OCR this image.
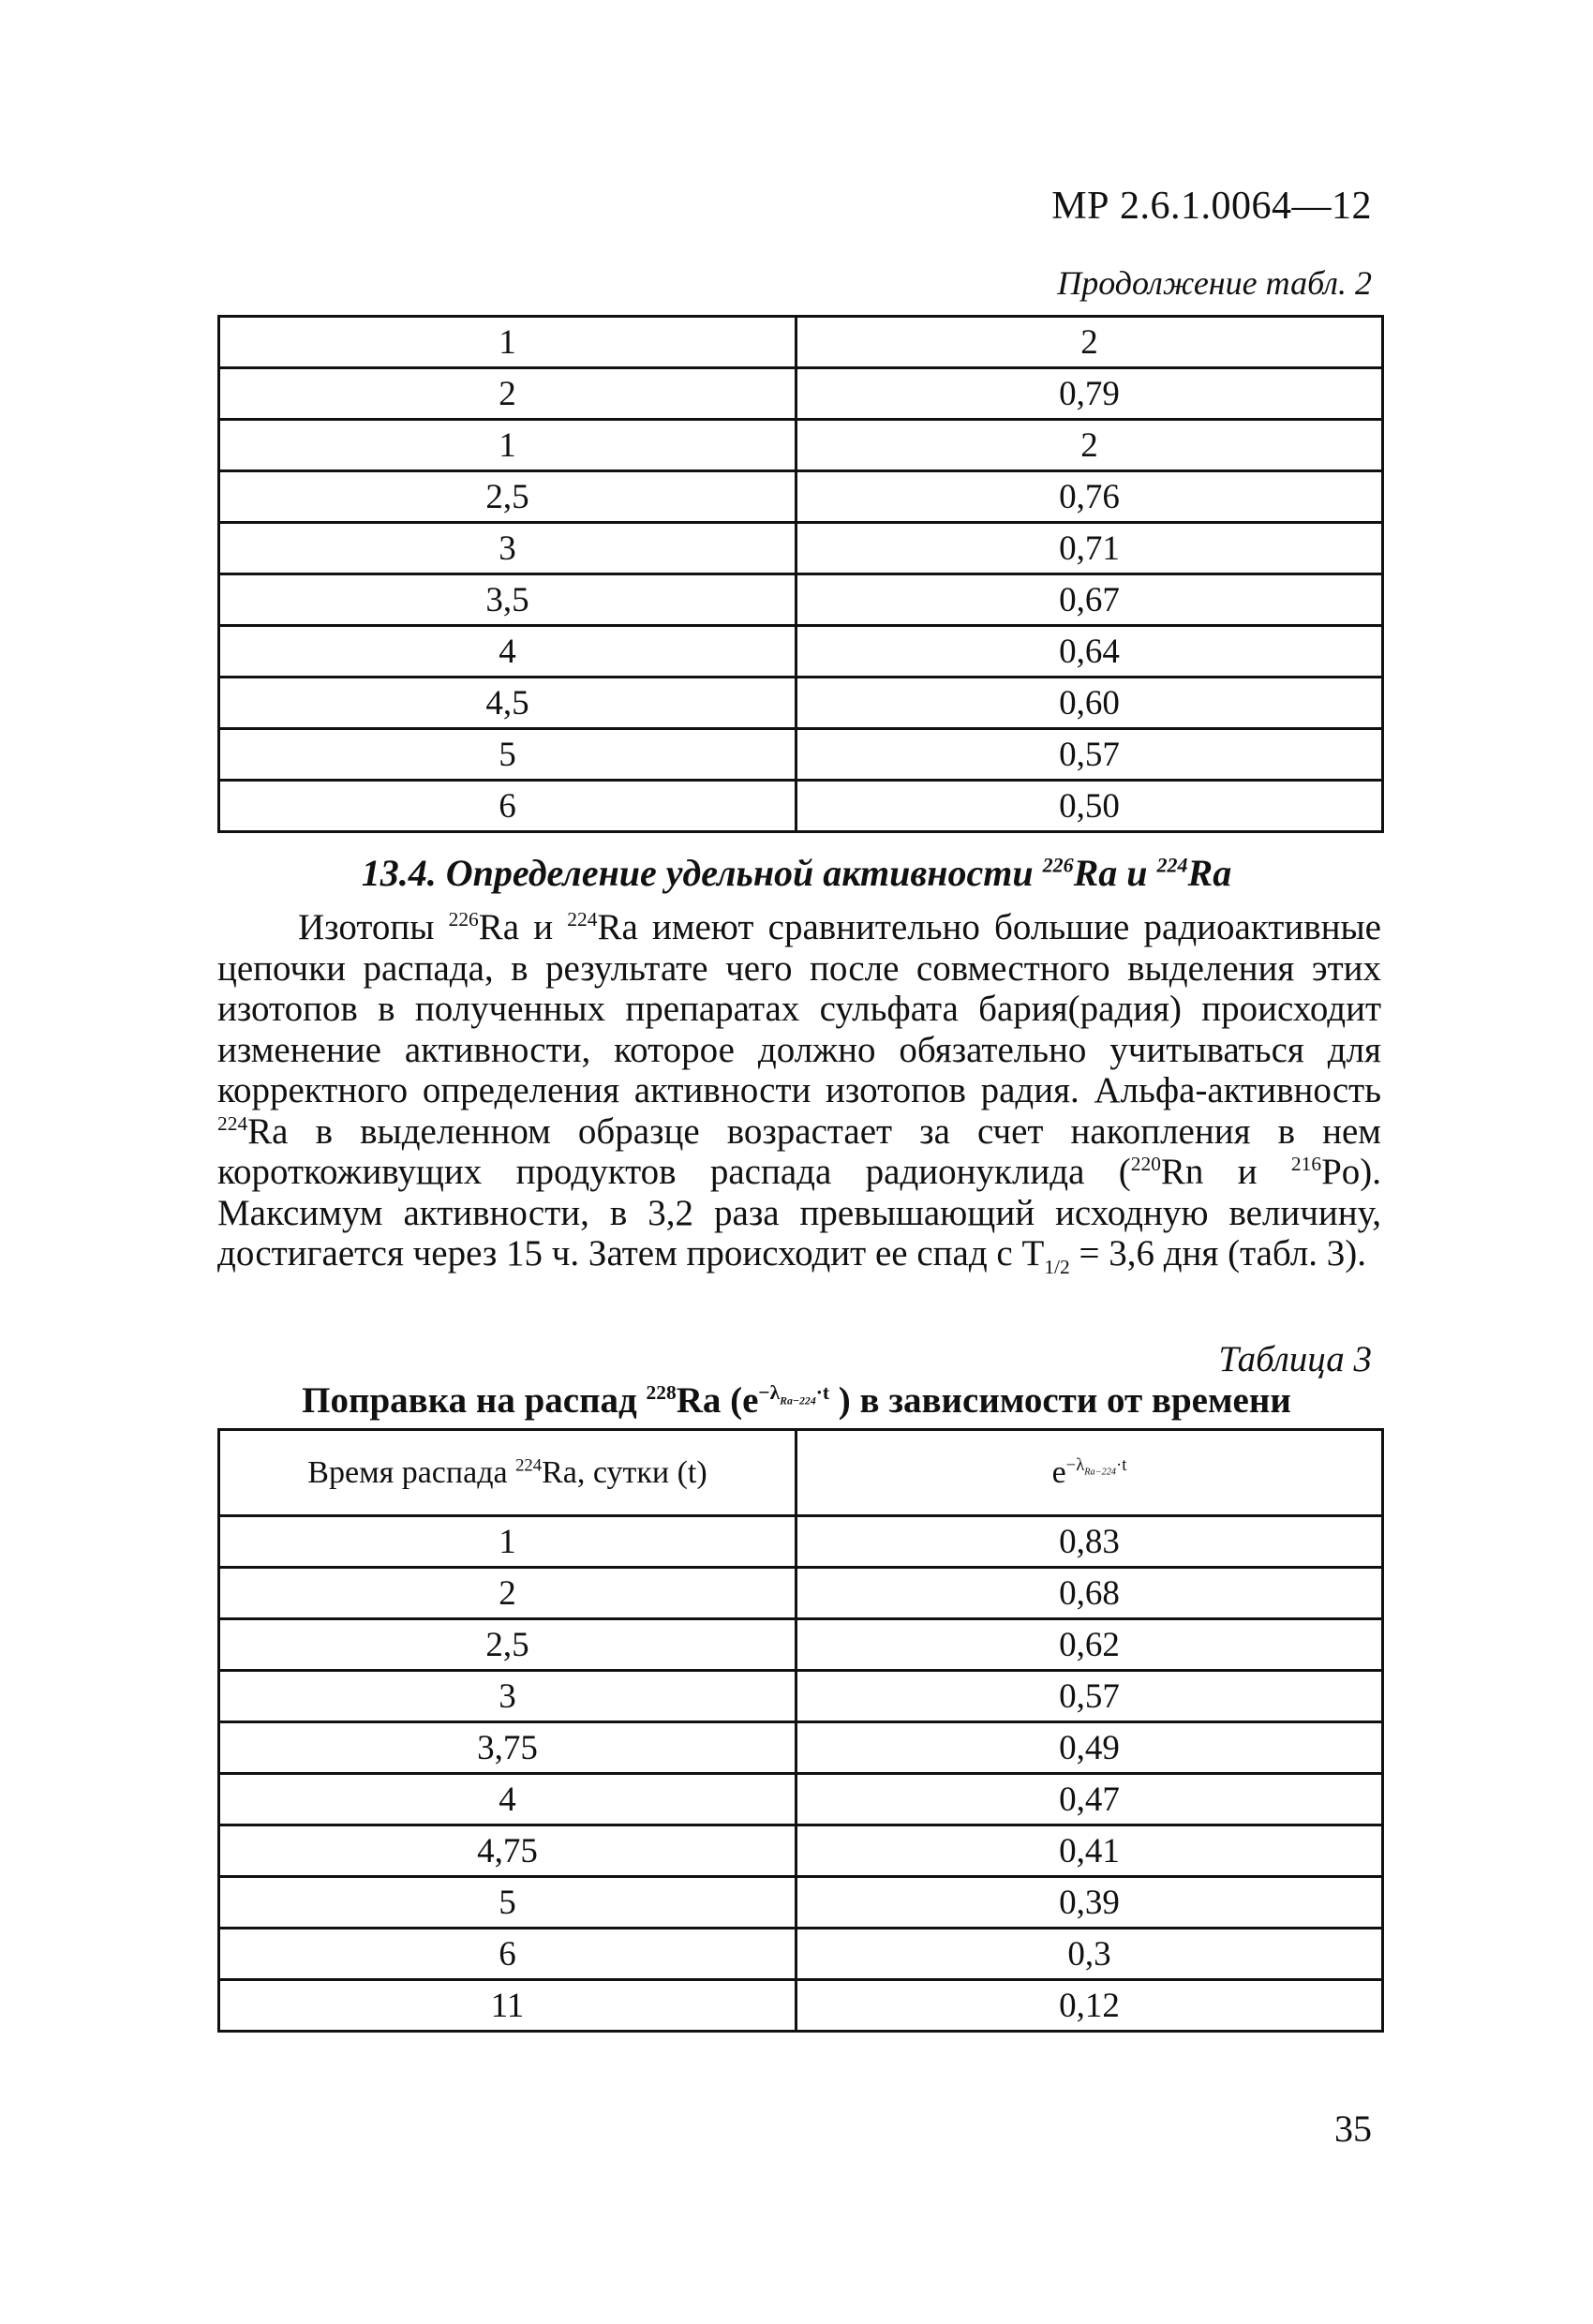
МР 2.6.1.0064—12
Продолжение табл. 2
1	2
2	0,79
1	2
2,5	0,76
3	0,71
3,5	0,67
4	0,64
4,5	0,60
5	0,57
6	0,50
13.4. Определение удельной активности $^{226}$Ra и $^{224}$Ra

Изотопы $^{226}$Ra и $^{224}$Ra имеют сравнительно большие радиоактивные цепочки распада, в результате чего после совместного выделения этих изотопов в полученных препаратах сульфата бария(радия) происходит изменение активности, которое должно обязательно учитываться для корректного определения активности изотопов радия. Альфа-активность $^{224}$Ra в выделенном образце возрастает за счет накопления в нем короткоживущих продуктов распада радионуклида ($^{220}$Rn и $^{216}$Po). Максимум активности, в 3,2 раза превышающий исходную величину, достигается через 15 ч. Затем происходит ее спад с $T_{1/2} = 3,6$ дня (табл. 3).

Таблица 3
Поправка на распад $^{228}$Ra ($e^{-\lambda_{Ra-224}\cdot t}$ ) в зависимости от времени
Время распада $^{224}$Ra, сутки (t)	$e^{-\lambda_{Ra-224}\cdot t}$
1	0,83
2	0,68
2,5	0,62
3	0,57
3,75	0,49
4	0,47
4,75	0,41
5	0,39
6	0,3
11	0,12
35
